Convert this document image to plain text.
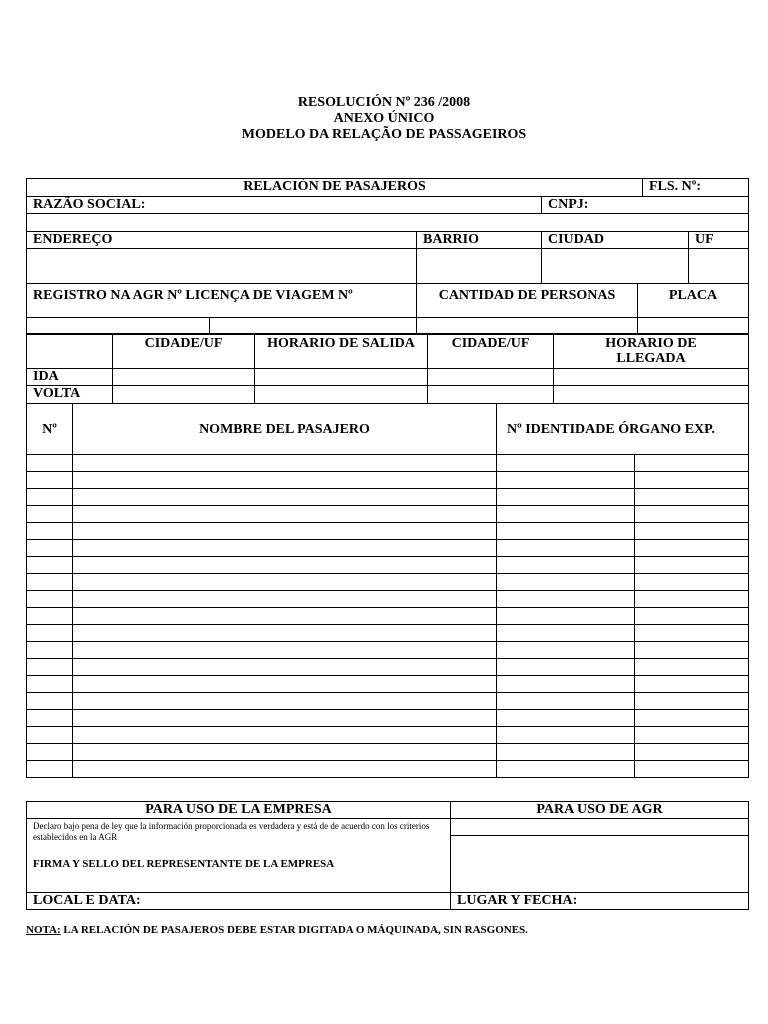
RESOLUCIÓN Nº 236 /2008
ANEXO ÚNICO
MODELO DA RELAÇÃO DE PASSAGEIROS
RELACIÓN DE PASAJEROS					FLS. Nº:	
RAZÃO SOCIAL:			CNPJ:			

ENDEREÇO		BARRIO	CIUDAD			UF

REGISTRO NA AGR Nº LICENÇA DE VIAGEM Nº		CANTIDAD DE PERSONAS		PLACA		

	CIDADE/UF	HORARIO DE SALIDA	CIDADE/UF	HORARIO DE LLEGADA
IDA				
VOLTA				
Nº	NOMBRE DEL PASAJERO	Nº IDENTIDADE ÓRGANO EXP.	

PARA USO DE LA EMPRESA	PARA USO DE AGR

Declaro bajo pena de ley que la información proporcionada es verdadera y está de de acuerdo con los criterios establecidos en la AGR
FIRMA Y SELLO DEL REPRESENTANTE DE LA EMPRESA	

LOCAL E DATA:	LUGAR Y FECHA:
NOTA: LA RELACIÓN DE PASAJEROS DEBE ESTAR DIGITADA O MÁQUINADA, SIN RASGONES.
